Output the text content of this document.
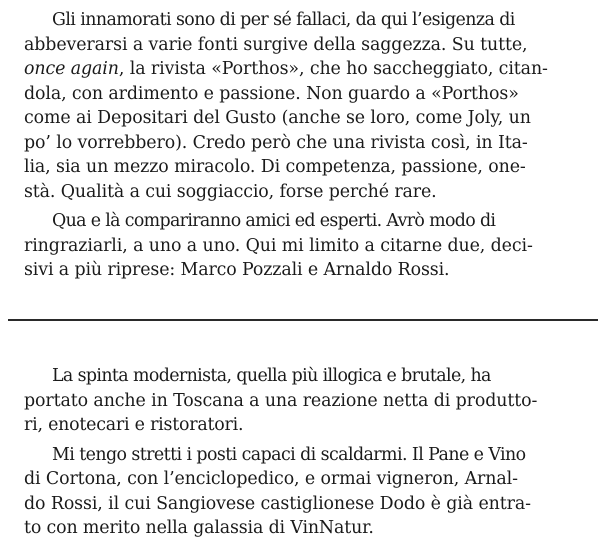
Gli innamorati sono di per sé fallaci, da qui l’esigenza di
abbeverarsi a varie fonti surgive della saggezza. Su tutte,
once again, la rivista «Porthos», che ho saccheggiato, citan-
dola, con ardimento e passione. Non guardo a «Porthos»
come ai Depositari del Gusto (anche se loro, come Joly, un
po’ lo vorrebbero). Credo però che una rivista così, in Ita-
lia, sia un mezzo miracolo. Di competenza, passione, one-
stà. Qualità a cui soggiaccio, forse perché rare.

Qua e là compariranno amici ed esperti. Avrò modo di
ringraziarli, a uno a uno. Qui mi limito a citarne due, deci-
sivi a più riprese: Marco Pozzali e Arnaldo Rossi.

La spinta modernista, quella più illogica e brutale, ha
portato anche in Toscana a una reazione netta di produtto-
ri, enotecari e ristoratori.

Mi tengo stretti i posti capaci di scaldarmi. Il Pane e Vino
di Cortona, con l’enciclopedico, e ormai vigneron, Arnal-
do Rossi, il cui Sangiovese castiglionese Dodo è già entra-
to con merito nella galassia di VinNatur.
